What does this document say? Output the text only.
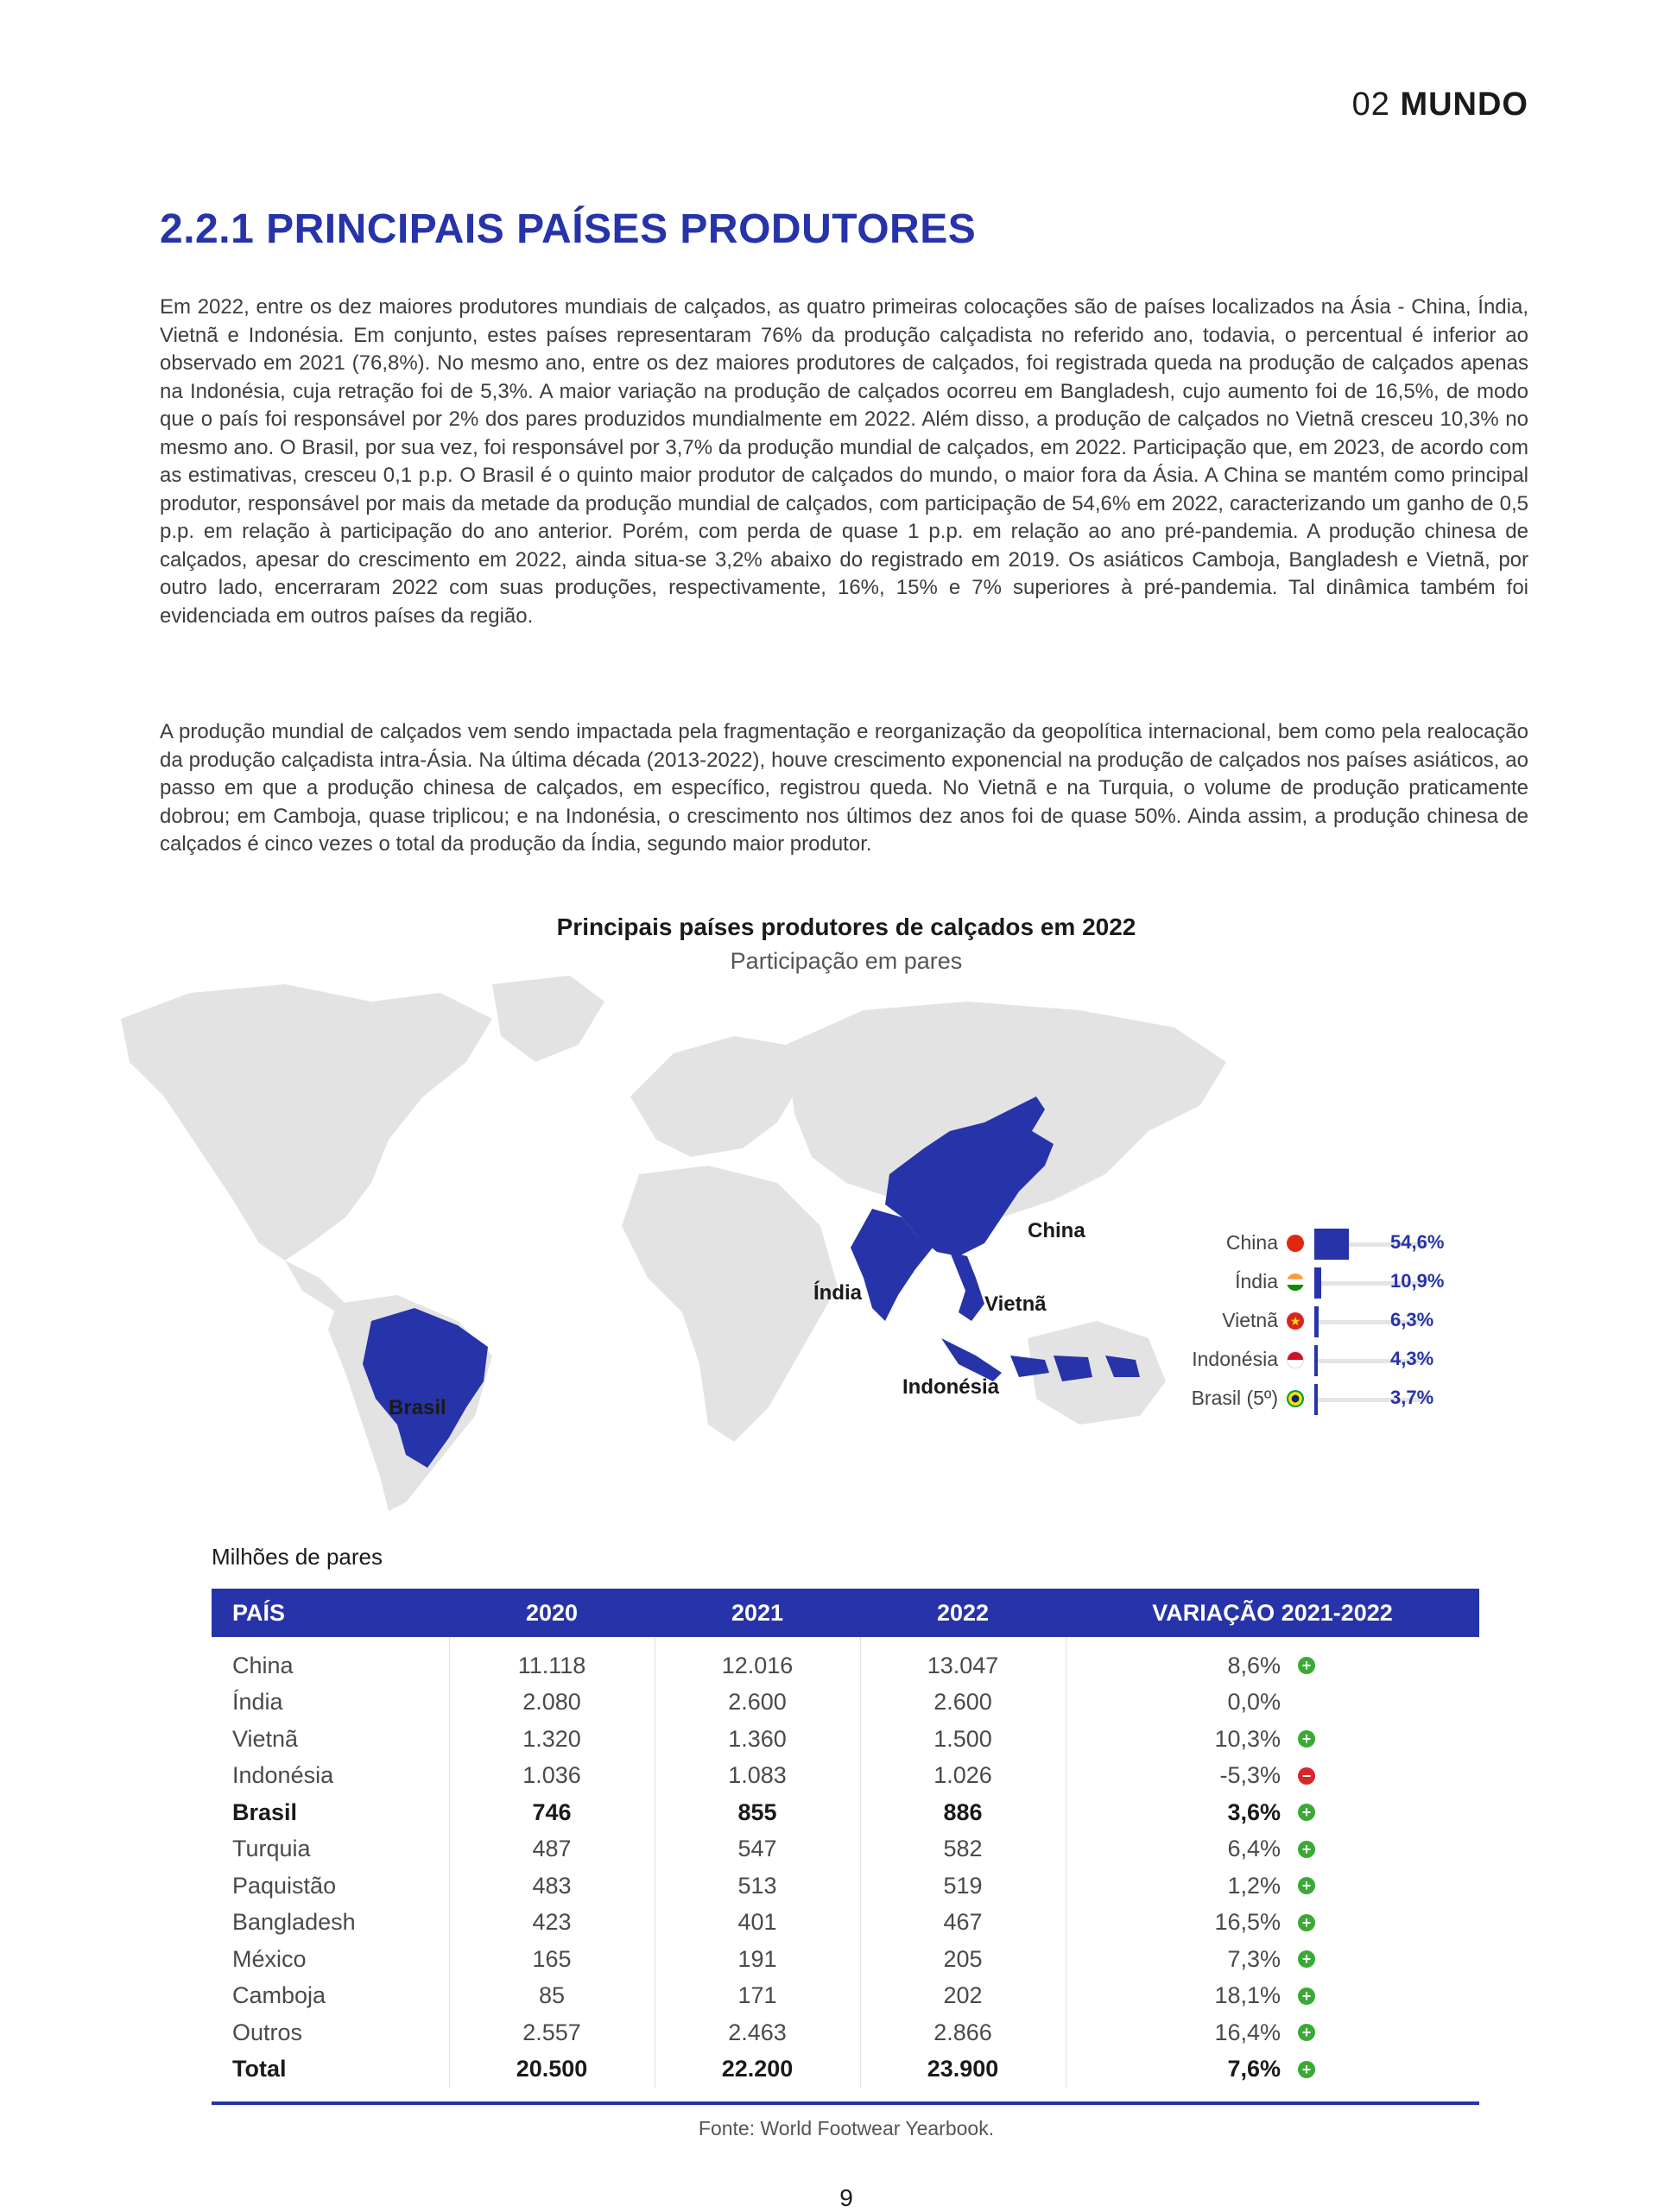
02 MUNDO
2.2.1 PRINCIPAIS PAÍSES PRODUTORES

Em 2022, entre os dez maiores produtores mundiais de calçados, as quatro primeiras colocações são de países localizados na Ásia - China, Índia, Vietnã e Indonésia. Em conjunto, estes países representaram 76% da produção calçadista no referido ano, todavia, o percentual é inferior ao observado em 2021 (76,8%). No mesmo ano, entre os dez maiores produtores de calçados, foi registrada queda na produção de calçados apenas na Indonésia, cuja retração foi de 5,3%. A maior variação na produção de calçados ocorreu em Bangladesh, cujo aumento foi de 16,5%, de modo que o país foi responsável por 2% dos pares produzidos mundialmente em 2022. Além disso, a produção de calçados no Vietnã cresceu 10,3% no mesmo ano. O Brasil, por sua vez, foi responsável por 3,7% da produção mundial de calçados, em 2022. Participação que, em 2023, de acordo com as estimativas, cresceu 0,1 p.p. O Brasil é o quinto maior produtor de calçados do mundo, o maior fora da Ásia. A China se mantém como principal produtor, responsável por mais da metade da produção mundial de calçados, com participação de 54,6% em 2022, caracterizando um ganho de 0,5 p.p. em relação à participação do ano anterior. Porém, com perda de quase 1 p.p. em relação ao ano pré-pandemia. A produção chinesa de calçados, apesar do crescimento em 2022, ainda situa-se 3,2% abaixo do registrado em 2019. Os asiáticos Camboja, Bangladesh e Vietnã, por outro lado, encerraram 2022 com suas produções, respectivamente, 16%, 15% e 7% superiores à pré-pandemia. Tal dinâmica também foi evidenciada em outros países da região.

A produção mundial de calçados vem sendo impactada pela fragmentação e reorganização da geopolítica internacional, bem como pela realocação da produção calçadista intra-Ásia. Na última década (2013-2022), houve crescimento exponencial na produção de calçados nos países asiáticos, ao passo em que a produção chinesa de calçados, em específico, registrou queda. No Vietnã e na Turquia, o volume de produção praticamente dobrou; em Camboja, quase triplicou; e na Indonésia, o crescimento nos últimos dez anos foi de quase 50%. Ainda assim, a produção chinesa de calçados é cinco vezes o total da produção da Índia, segundo maior produtor.

Principais países produtores de calçados em 2022
Participação em pares
China
Índia	Vietnã
Indonésia
Brasil
China	54,6%
Índia	10,9%
Vietnã ★	6,3%
Indonésia	4,3%
Brasil (5º)	3,7%
Milhões de pares
PAÍS	2020	2021	2022	VARIAÇÃO 2021-2022
China	11.118	12.016	13.047	8,6% +

Índia	2.080	2.600	2.600	0,0%
Vietnã	1.320	1.360	1.500	10,3% +

Indonésia	1.036	1.083	1.026	-5,3% −

Brasil	746	855	886	3,6% +

Turquia	487	547	582	6,4% +

Paquistão	483	513	519	1,2% +

Bangladesh	423	401	467	16,5% +

México	165	191	205	7,3% +

Camboja	85	171	202	18,1% +

Outros	2.557	2.463	2.866	16,4% +

Total	20.500	22.200	23.900	7,6% +
Fonte: World Footwear Yearbook.
9
